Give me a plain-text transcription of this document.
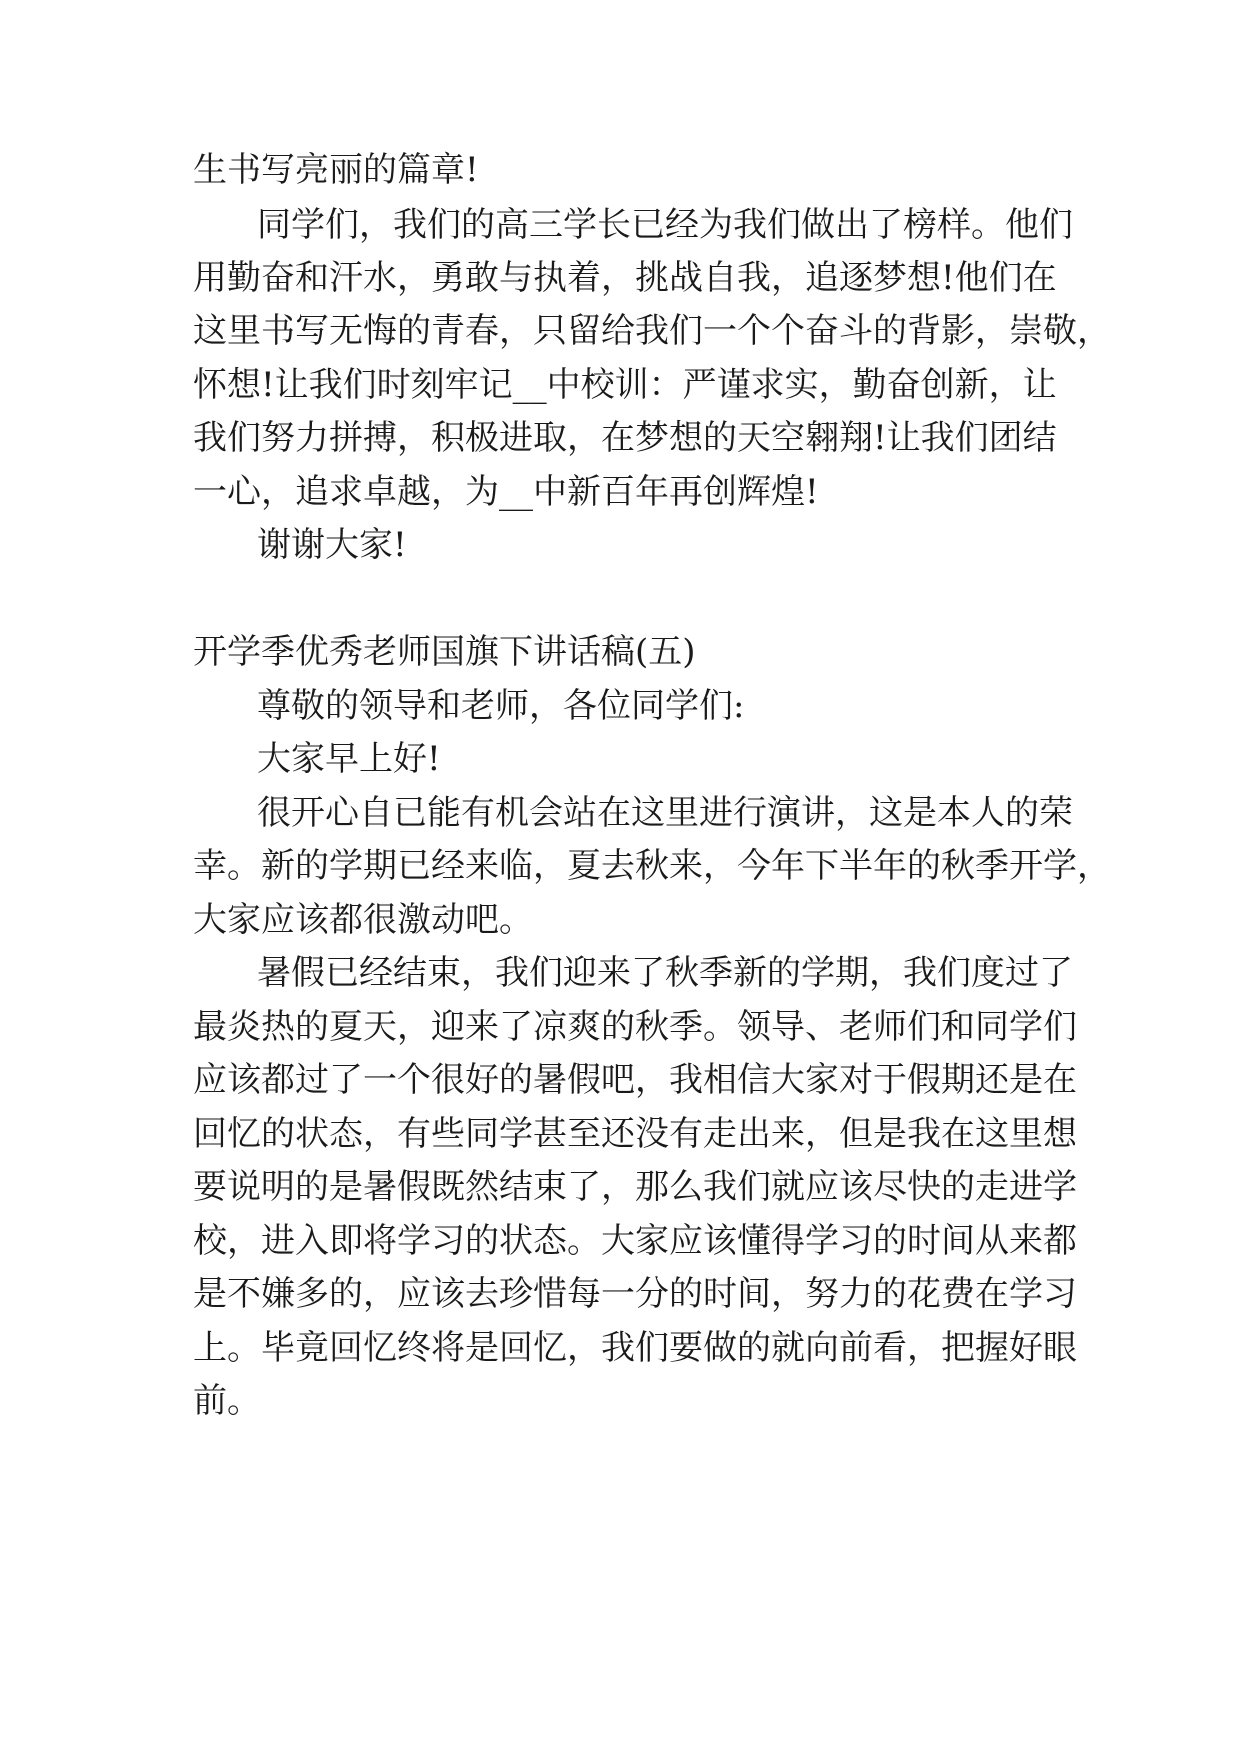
生书写亮丽的篇章!
同学们，我们的高三学长已经为我们做出了榜样。他们
用勤奋和汗水，勇敢与执着，挑战自我，追逐梦想!他们在
这里书写无悔的青春，只留给我们一个个奋斗的背影，崇敬，
怀想!让我们时刻牢记__中校训：严谨求实，勤奋创新，让
我们努力拼搏，积极进取，在梦想的天空翱翔!让我们团结
一心，追求卓越，为__中新百年再创辉煌!
谢谢大家!
开学季优秀老师国旗下讲话稿(五)
尊敬的领导和老师，各位同学们:
大家早上好!
很开心自已能有机会站在这里进行演讲，这是本人的荣
幸。新的学期已经来临，夏去秋来，今年下半年的秋季开学，
大家应该都很激动吧。
暑假已经结束，我们迎来了秋季新的学期，我们度过了
最炎热的夏天，迎来了凉爽的秋季。领导、老师们和同学们
应该都过了一个很好的暑假吧，我相信大家对于假期还是在
回忆的状态，有些同学甚至还没有走出来，但是我在这里想
要说明的是暑假既然结束了，那么我们就应该尽快的走进学
校，进入即将学习的状态。大家应该懂得学习的时间从来都
是不嫌多的，应该去珍惜每一分的时间，努力的花费在学习
上。毕竟回忆终将是回忆，我们要做的就向前看，把握好眼
前。
